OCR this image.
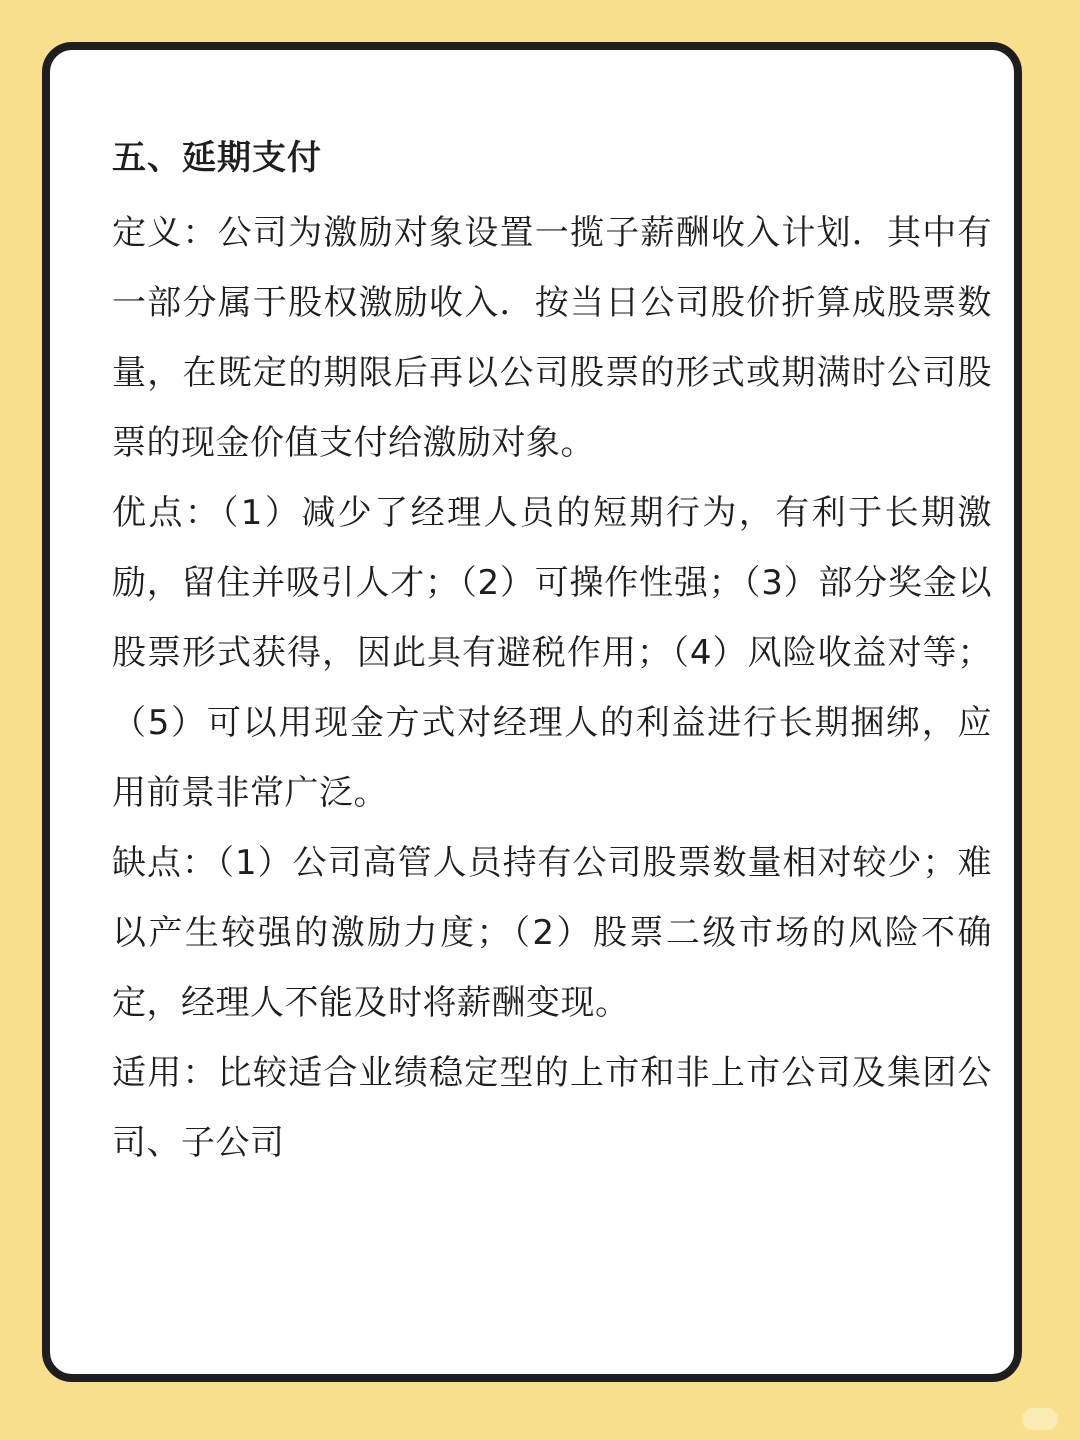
五、延期支付

定义：公司为激励对象设置一揽子薪酬收入计划．其中有一部分属于股权激励收入．按当日公司股价折算成股票数量，在既定的期限后再以公司股票的形式或期满时公司股票的现金价值支付给激励对象。

优点：（1）减少了经理人员的短期行为，有利于长期激励，留住并吸引人才；（2）可操作性强；（3）部分奖金以股票形式获得，因此具有避税作用；（4）风险收益对等；（5）可以用现金方式对经理人的利益进行长期捆绑，应用前景非常广泛。

缺点：（1）公司高管人员持有公司股票数量相对较少；难以产生较强的激励力度；（2）股票二级市场的风险不确定，经理人不能及时将薪酬变现。

适用：比较适合业绩稳定型的上市和非上市公司及集团公司、子公司
